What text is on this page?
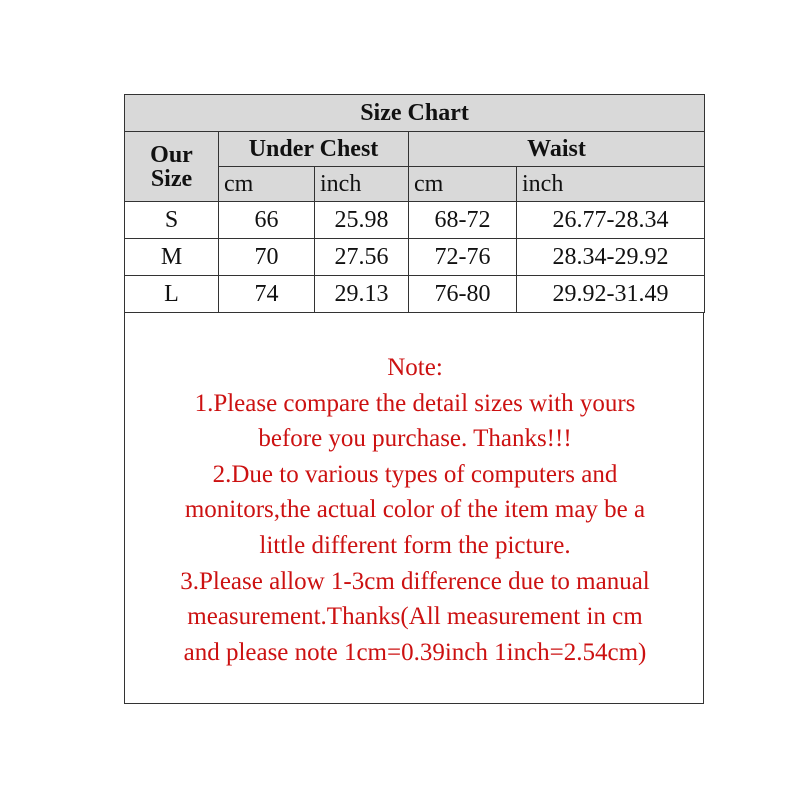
Size Chart				

Our
Size	Under Chest		Waist	
	cm	inch	cm	inch
S	66	25.98	68-72	26.77-28.34
M	70	27.56	72-76	28.34-29.92
L	74	29.13	76-80	29.92-31.49
Note:
1.Please compare the detail sizes with yours
before you purchase. Thanks!!!
2.Due to various types of computers and
monitors,the actual color of the item may be a
little different form the picture.
3.Please allow 1-3cm difference due to manual
measurement.Thanks(All measurement in cm
and please note 1cm=0.39inch 1inch=2.54cm)
